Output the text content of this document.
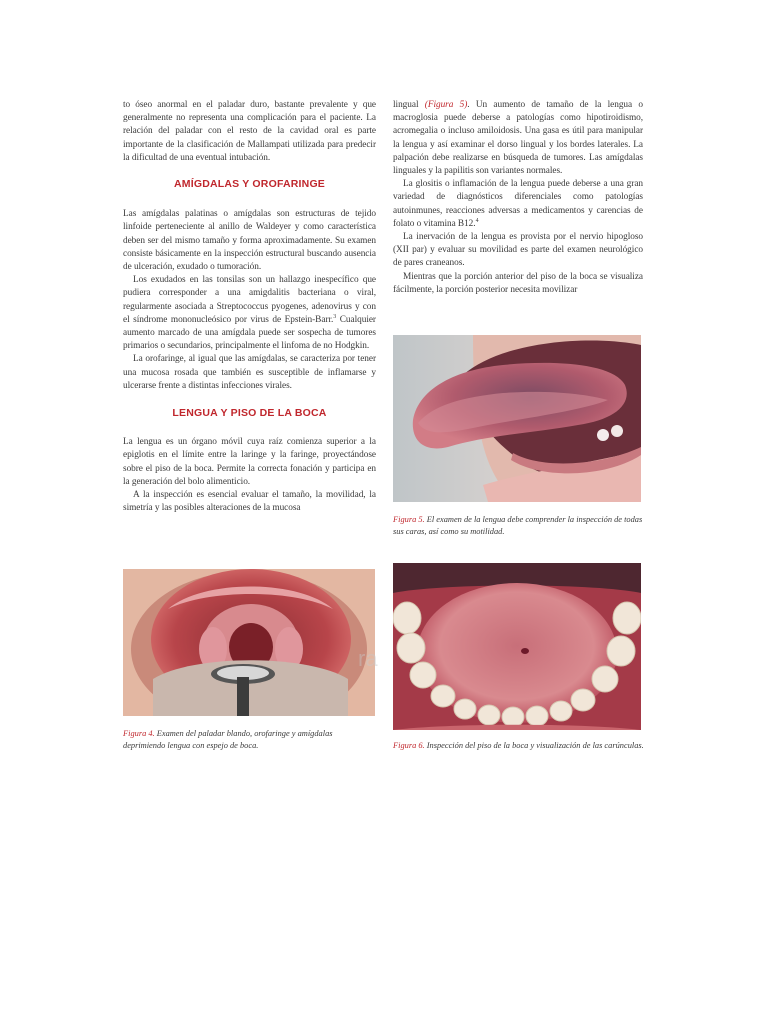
to óseo anormal en el paladar duro, bastante prevalente y que generalmente no representa una complicación para el paciente. La relación del paladar con el resto de la cavidad oral es parte importante de la clasificación de Mallampati utilizada para predecir la dificultad de una eventual intubación.

AMÍGDALAS Y OROFARINGE

Las amígdalas palatinas o amígdalas son estructuras de tejido linfoide perteneciente al anillo de Waldeyer y como característica deben ser del mismo tamaño y forma aproximadamente. Su examen consiste básicamente en la inspección estructural buscando ausencia de ulceración, exudado o tumoración.

Los exudados en las tonsilas son un hallazgo inespecífico que pudiera corresponder a una amigdalitis bacteriana o viral, regularmente asociada a Streptococcus pyogenes, adenovirus y con el síndrome mononucleósico por virus de Epstein-Barr.$^3$ Cualquier aumento marcado de una amígdala puede ser sospecha de tumores primarios o secundarios, principalmente el linfoma de no Hodgkin.

La orofaringe, al igual que las amígdalas, se caracteriza por tener una mucosa rosada que también es susceptible de inflamarse y ulcerarse frente a distintas infecciones virales.

LENGUA Y PISO DE LA BOCA

La lengua es un órgano móvil cuya raíz comienza superior a la epiglotis en el límite entre la laringe y la faringe, proyectándose sobre el piso de la boca. Permite la correcta fonación y participa en la generación del bolo alimenticio.

A la inspección es esencial evaluar el tamaño, la movilidad, la simetría y las posibles alteraciones de la mucosa

lingual (Figura 5). Un aumento de tamaño de la lengua o macroglosia puede deberse a patologías como hipotiroidismo, acromegalia o incluso amiloidosis. Una gasa es útil para manipular la lengua y así examinar el dorso lingual y los bordes laterales. La palpación debe realizarse en búsqueda de tumores. Las amígdalas linguales y la papilitis son variantes normales.

La glositis o inflamación de la lengua puede deberse a una gran variedad de diagnósticos diferenciales como patologías autoinmunes, reacciones adversas a medicamentos y carencias de folato o vitamina B12.$^4$

La inervación de la lengua es provista por el nervio hipogloso (XII par) y evaluar su movilidad es parte del examen neurológico de pares craneanos.

Mientras que la porción anterior del piso de la boca se visualiza fácilmente, la porción posterior necesita movilizar

Figura 5. El examen de la lengua debe comprender la inspección de todas sus caras, así como su motilidad.
Figura 4. Examen del paladar blando, orofaringe y amígdalas deprimiendo lengua con espejo de boca.	Figura 6. Inspección del piso de la boca y visualización de las carúnculas.
ra
